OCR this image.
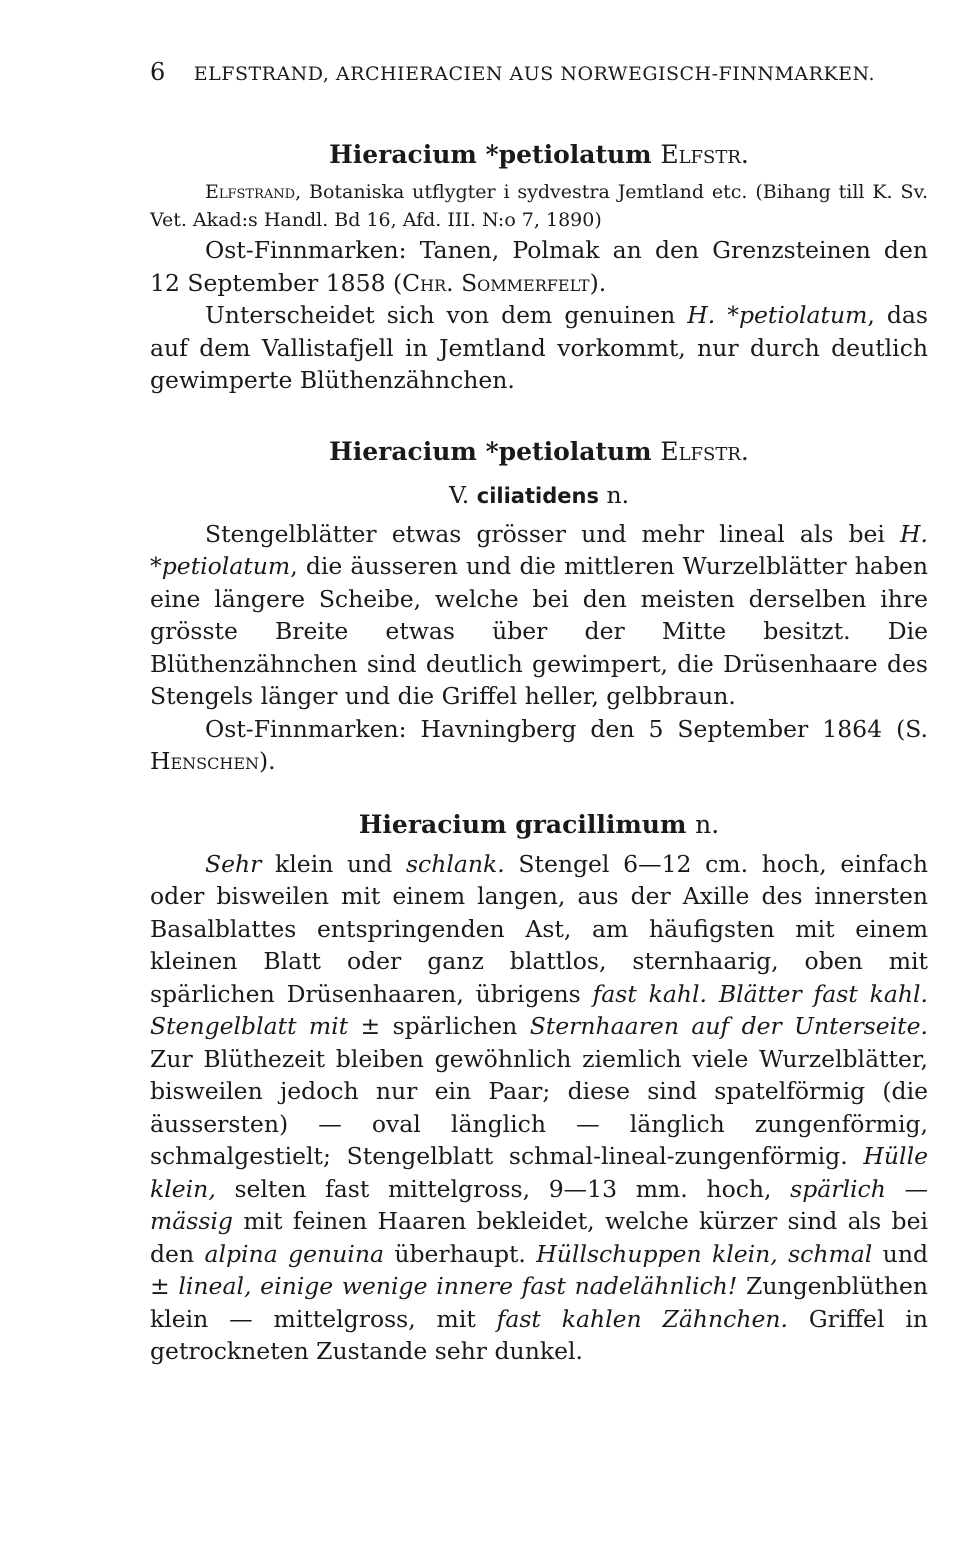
6 ELFSTRAND, ARCHIERACIEN AUS NORWEGISCH-FINNMARKEN.
Hieracium *petiolatum Elfstr.

Elfstrand, Botaniska utflygter i sydvestra Jemtland etc. (Bihang till K. Sv. Vet. Akad:s Handl. Bd 16, Afd. III. N:o 7, 1890)

Ost-Finnmarken: Tanen, Polmak an den Grenzsteinen den 12 September 1858 (Chr. Sommerfelt).

Unterscheidet sich von dem genuinen H. *petiolatum, das auf dem Vallistafjell in Jemtland vorkommt, nur durch deutlich gewimperte Blüthenzähnchen.

Hieracium *petiolatum Elfstr.
V. ciliatidens n.

Stengelblätter etwas grösser und mehr lineal als bei H. *petiolatum, die äusseren und die mittleren Wurzelblätter haben eine längere Scheibe, welche bei den meisten derselben ihre grösste Breite etwas über der Mitte besitzt. Die Blüthenzähnchen sind deutlich gewimpert, die Drüsenhaare des Stengels länger und die Griffel heller, gelbbraun.

Ost-Finnmarken: Havningberg den 5 September 1864 (S. Henschen).

Hieracium gracillimum n.

Sehr klein und schlank. Stengel 6—12 cm. hoch, einfach oder bisweilen mit einem langen, aus der Axille des innersten Basalblattes entspringenden Ast, am häufigsten mit einem kleinen Blatt oder ganz blattlos, sternhaarig, oben mit spärlichen Drüsenhaaren, übrigens fast kahl. Blätter fast kahl. Stengelblatt mit ± spärlichen Sternhaaren auf der Unterseite. Zur Blüthezeit bleiben gewöhnlich ziemlich viele Wurzelblätter, bisweilen jedoch nur ein Paar; diese sind spatelförmig (die äussersten) — oval länglich — länglich zungenförmig, schmalgestielt; Stengelblatt schmal-lineal-zungenförmig. Hülle klein, selten fast mittelgross, 9—13 mm. hoch, spärlich — mässig mit feinen Haaren bekleidet, welche kürzer sind als bei den alpina genuina überhaupt. Hüllschuppen klein, schmal und ± lineal, einige wenige innere fast nadelähnlich! Zungenblüthen klein — mittelgross, mit fast kahlen Zähnchen. Griffel in getrockneten Zustande sehr dunkel.
